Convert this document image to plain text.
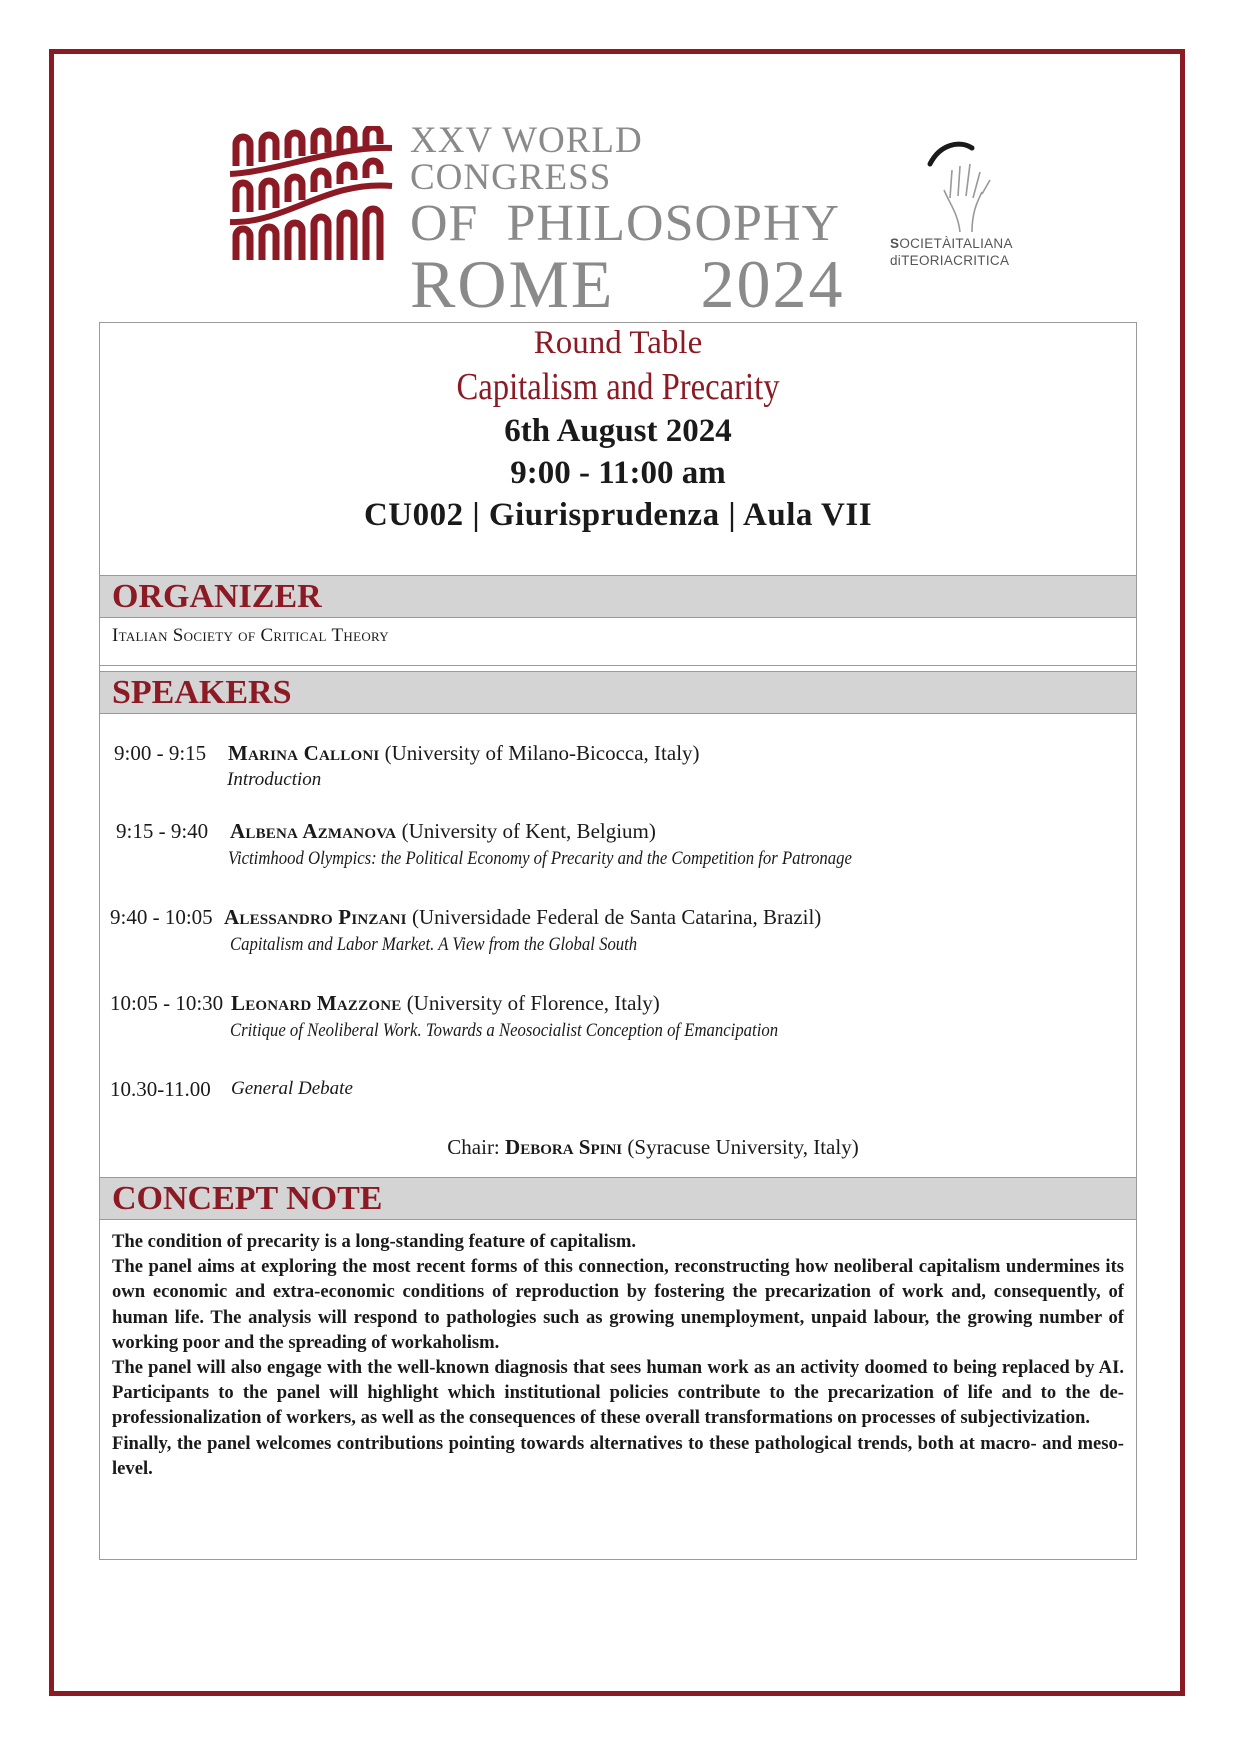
XXV WORLD CONGRESS
OF  PHILOSOPHY
ROME  2024
SOCIETÀITALIANA
diTEORIACRITICA
Round Table
Capitalism and Precarity
6th August 2024
9:00 - 11:00 am
CU002 | Giurisprudenza | Aula VII
ORGANIZER
Italian Society of Critical Theory
SPEAKERS
9:00 - 9:15 Marina Calloni (University of Milano-Bicocca, Italy)
Introduction
9:15 - 9:40 Albena Azmanova (University of Kent, Belgium)
Victimhood Olympics: the Political Economy of Precarity and the Competition for Patronage
9:40 - 10:05 Alessandro Pinzani (Universidade Federal de Santa Catarina, Brazil)
Capitalism and Labor Market. A View from the Global South
10:05 - 10:30 Leonard Mazzone (University of Florence, Italy)
Critique of Neoliberal Work. Towards a Neosocialist Conception of Emancipation
10.30-11.00 General Debate
Chair: Debora Spini (Syracuse University, Italy)
CONCEPT NOTE

The condition of precarity is a long-standing feature of capitalism.

The panel aims at exploring the most recent forms of this connection, reconstructing how neoliberal capitalism undermines its own economic and extra-economic conditions of reproduction by fostering the precarization of work and, consequently, of human life. The analysis will respond to pathologies such as growing unemployment, unpaid labour, the growing number of working poor and the spreading of workaholism.

The panel will also engage with the well-known diagnosis that sees human work as an activity doomed to being replaced by AI. Participants to the panel will highlight which institutional policies contribute to the precarization of life and to the de-professionalization of workers, as well as the consequences of these overall transformations on processes of subjectivization.

Finally, the panel welcomes contributions pointing towards alternatives to these pathological trends, both at macro- and meso-level.
